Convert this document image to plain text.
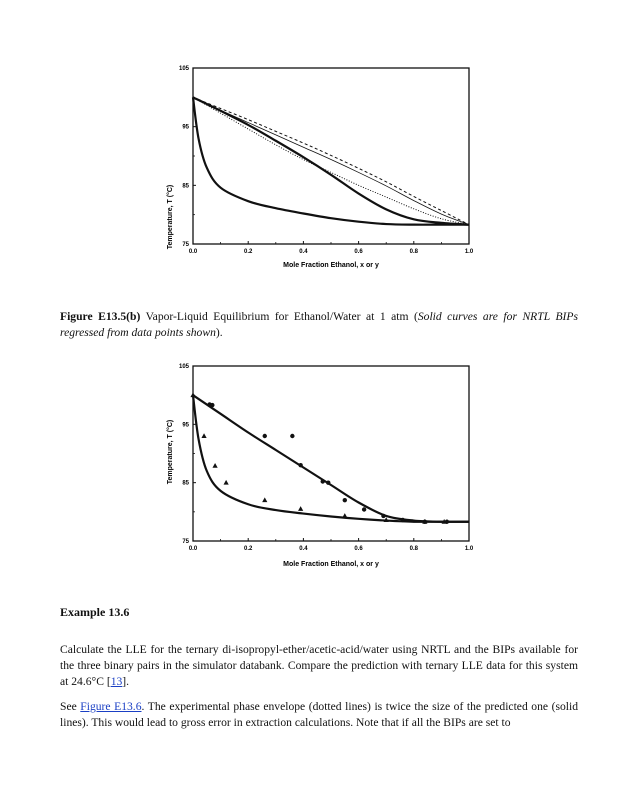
Temperature, T (°C)
Mole Fraction Ethanol, x or y
0.0	0.2	0.4	0.6	0.8	1.0
75
85
95
105
Figure E13.5(b) Vapor-Liquid Equilibrium for Ethanol/Water at 1 atm (Solid curves are for NRTL BIPs regressed from data points shown).
Temperature, T (°C)
Mole Fraction Ethanol, x or y
0.0	0.2	0.4	0.6	0.8	1.0
75
85
95
105
Example 13.6
Calculate the LLE for the ternary di-isopropyl-ether/acetic-acid/water using NRTL and the BIPs available for the three binary pairs in the simulator databank. Compare the prediction with ternary LLE data for this system at 24.6°C [13].
See Figure E13.6. The experimental phase envelope (dotted lines) is twice the size of the predicted one (solid lines). This would lead to gross error in extraction calculations. Note that if all the BIPs are set to
